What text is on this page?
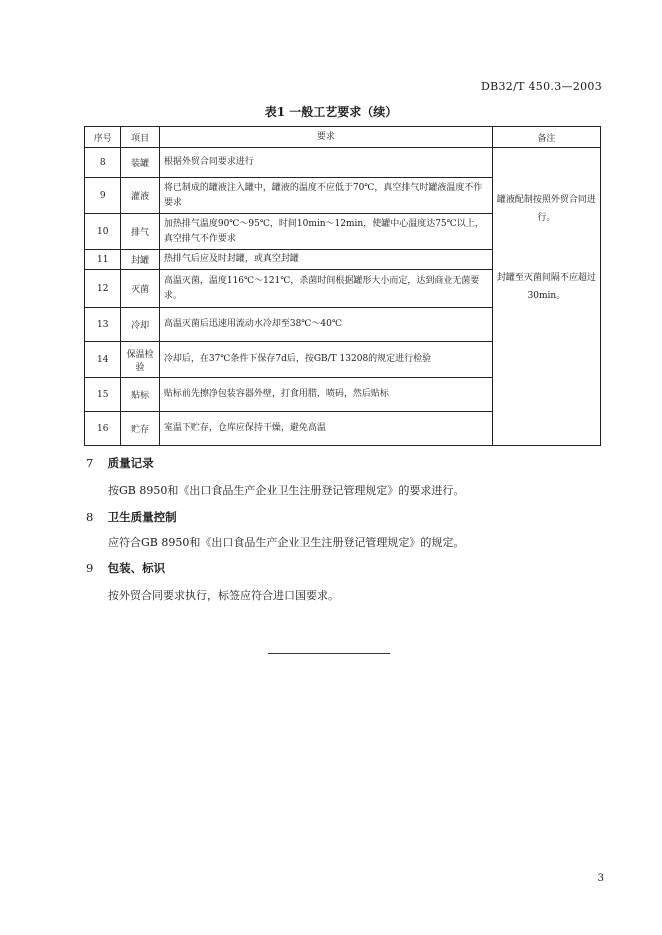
DB32/T 450.3—2003
表1 一般工艺要求（续）
序号	项目	要求	备注
8	装罐	根据外贸合同要求进行	罐液配制按照外贸合同进行。
封罐至灭菌间隔不应超过30min。

9	灌液	将已制成的罐液注入罐中，罐液的温度不应低于70℃，真空排气时罐液温度不作要求	
10	排气	加热排气温度90℃～95℃，时间10min～12min，使罐中心温度达75℃以上，真空排气不作要求	
11	封罐	热排气后应及时封罐，或真空封罐	
12	灭菌	高温灭菌，温度116℃～121℃，杀菌时间根据罐形大小而定，达到商业无菌要求。	
13	冷却	高温灭菌后迅速用流动水冷却至38℃～40℃	
14	保温检验	冷却后，在37℃条件下保存7d后，按GB/T 13208的规定进行检验	
15	贴标	贴标前先擦净包装容器外壁，打食用腊，喷码，然后贴标	
16	贮存	室温下贮存，仓库应保持干燥，避免高温	
7 质量记录
按GB 8950和《出口食品生产企业卫生注册登记管理规定》的要求进行。
8 卫生质量控制
应符合GB 8950和《出口食品生产企业卫生注册登记管理规定》的规定。
9 包装、标识
按外贸合同要求执行，标签应符合进口国要求。
3
